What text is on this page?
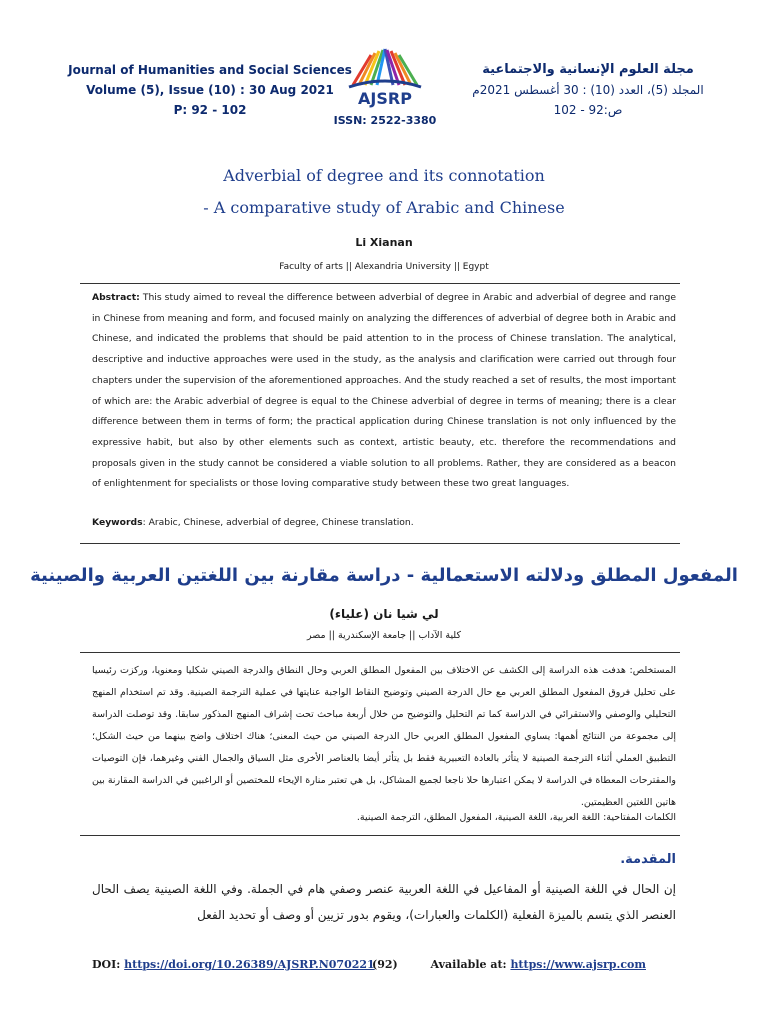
Journal of Humanities and Social Sciences
Volume (5), Issue (10) : 30 Aug 2021
P: 92 - 102
AJSRP
ISSN: 2522-3380
مجلة العلوم الإنسانية والاجتماعية
المجلد (5)، العدد (10) : 30 أغسطس 2021م
ص:92 - 102
Adverbial of degree and its connotation
- A comparative study of Arabic and Chinese
Li Xianan
Faculty of arts || Alexandria University || Egypt
Abstract: This study aimed to reveal the difference between adverbial of degree in Arabic and adverbial of degree and range in Chinese from meaning and form, and focused mainly on analyzing the differences of adverbial of degree both in Arabic and Chinese, and indicated the problems that should be paid attention to in the process of Chinese translation. The analytical, descriptive and inductive approaches were used in the study, as the analysis and clarification were carried out through four chapters under the supervision of the aforementioned approaches. And the study reached a set of results, the most important of which are: the Arabic adverbial of degree is equal to the Chinese adverbial of degree in terms of meaning; there is a clear difference between them in terms of form; the practical application during Chinese translation is not only influenced by the expressive habit, but also by other elements such as context, artistic beauty, etc. therefore the recommendations and proposals given in the study cannot be considered a viable solution to all problems. Rather, they are considered as a beacon of enlightenment for specialists or those loving comparative study between these two great languages.
Keywords: Arabic, Chinese, adverbial of degree, Chinese translation.
المفعول المطلق ودلالته الاستعمالية - دراسة مقارنة بين اللغتين العربية والصينية
لي شيا نان (علياء)
كلية الآداب || جامعة الإسكندرية || مصر
المستخلص: هدفت هذه الدراسة إلى الكشف عن الاختلاف بين المفعول المطلق العربي وحال النطاق والدرجة الصيني شكليا ومعنويا، وركزت رئيسيا على تحليل فروق المفعول المطلق العربي مع حال الدرجة الصيني وتوضيح النقاط الواجبة عنايتها في عملية الترجمة الصينية. وقد تم استخدام المنهج التحليلي والوصفي والاستقرائي في الدراسة كما تم التحليل والتوضيح من خلال أربعة مباحث تحت إشراف المنهج المذكور سابقا. وقد توصلت الدراسة إلى مجموعة من النتائج أهمها: يساوي المفعول المطلق العربي حال الدرجة الصيني من حيث المعنى؛ هناك اختلاف واضح بينهما من حيث الشكل؛ التطبيق العملي أثناء الترجمة الصينية لا يتأثر بالعادة التعبيرية فقط بل يتأثر أيضا بالعناصر الأخرى مثل السياق والجمال الفني وغيرهما، فإن التوصيات والمقترحات المعطاة في الدراسة لا يمكن اعتبارها حلا ناجعا لجميع المشاكل، بل هي تعتبر منارة الإيحاء للمختصين أو الراغبين في الدراسة المقارنة بين هاتين اللغتين العظيمتين.
الكلمات المفتاحية: اللغة العربية، اللغة الصينية، المفعول المطلق، الترجمة الصينية.
المقدمة.
إن الحال في اللغة الصينية أو المفاعيل في اللغة العربية عنصر وصفي هام في الجملة. وفي اللغة الصينية يصف الحال العنصر الذي يتسم بالميزة الفعلية (الكلمات والعبارات)، ويقوم بدور تزيين أو وصف أو تحديد الفعل
DOI: https://doi.org/10.26389/AJSRP.N070221
(92)	Available at: https://www.ajsrp.com
